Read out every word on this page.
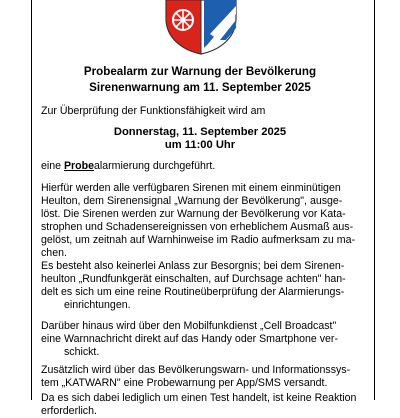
Probealarm zur Warnung der Bevölkerung
Sirenenwarnung am 11. September 2025
Zur Überprüfung der Funktionsfähigkeit wird am
Donnerstag, 11. September 2025
um 11:00 Uhr
eine Probealarmierung durchgeführt.
Hierfür werden alle verfügbaren Sirenen mit einem einminütigen
Heulton, dem Sirenensignal „Warnung der Bevölkerung", ausge-
löst. Die Sirenen werden zur Warnung der Bevölkerung vor Kata-
strophen und Schadensereignissen von erheblichem Ausmaß aus-
gelöst, um zeitnah auf Warnhinweise im Radio aufmerksam zu ma-
chen.
Es besteht also keinerlei Anlass zur Besorgnis; bei dem Sirenen-
heulton „Rundfunkgerät einschalten, auf Durchsage achten" han-
delt es sich um eine reine Routineüberprüfung der Alarmierungs-
einrichtungen.
Darüber hinaus wird über den Mobilfunkdienst „Cell Broadcast"
eine Warnnachricht direkt auf das Handy oder Smartphone ver-
schickt.
Zusätzlich wird über das Bevölkerungswarn- und Informationssys-
tem „KATWARN" eine Probewarnung per App/SMS versandt.
Da es sich dabei lediglich um einen Test handelt, ist keine Reaktion erforderlich.
